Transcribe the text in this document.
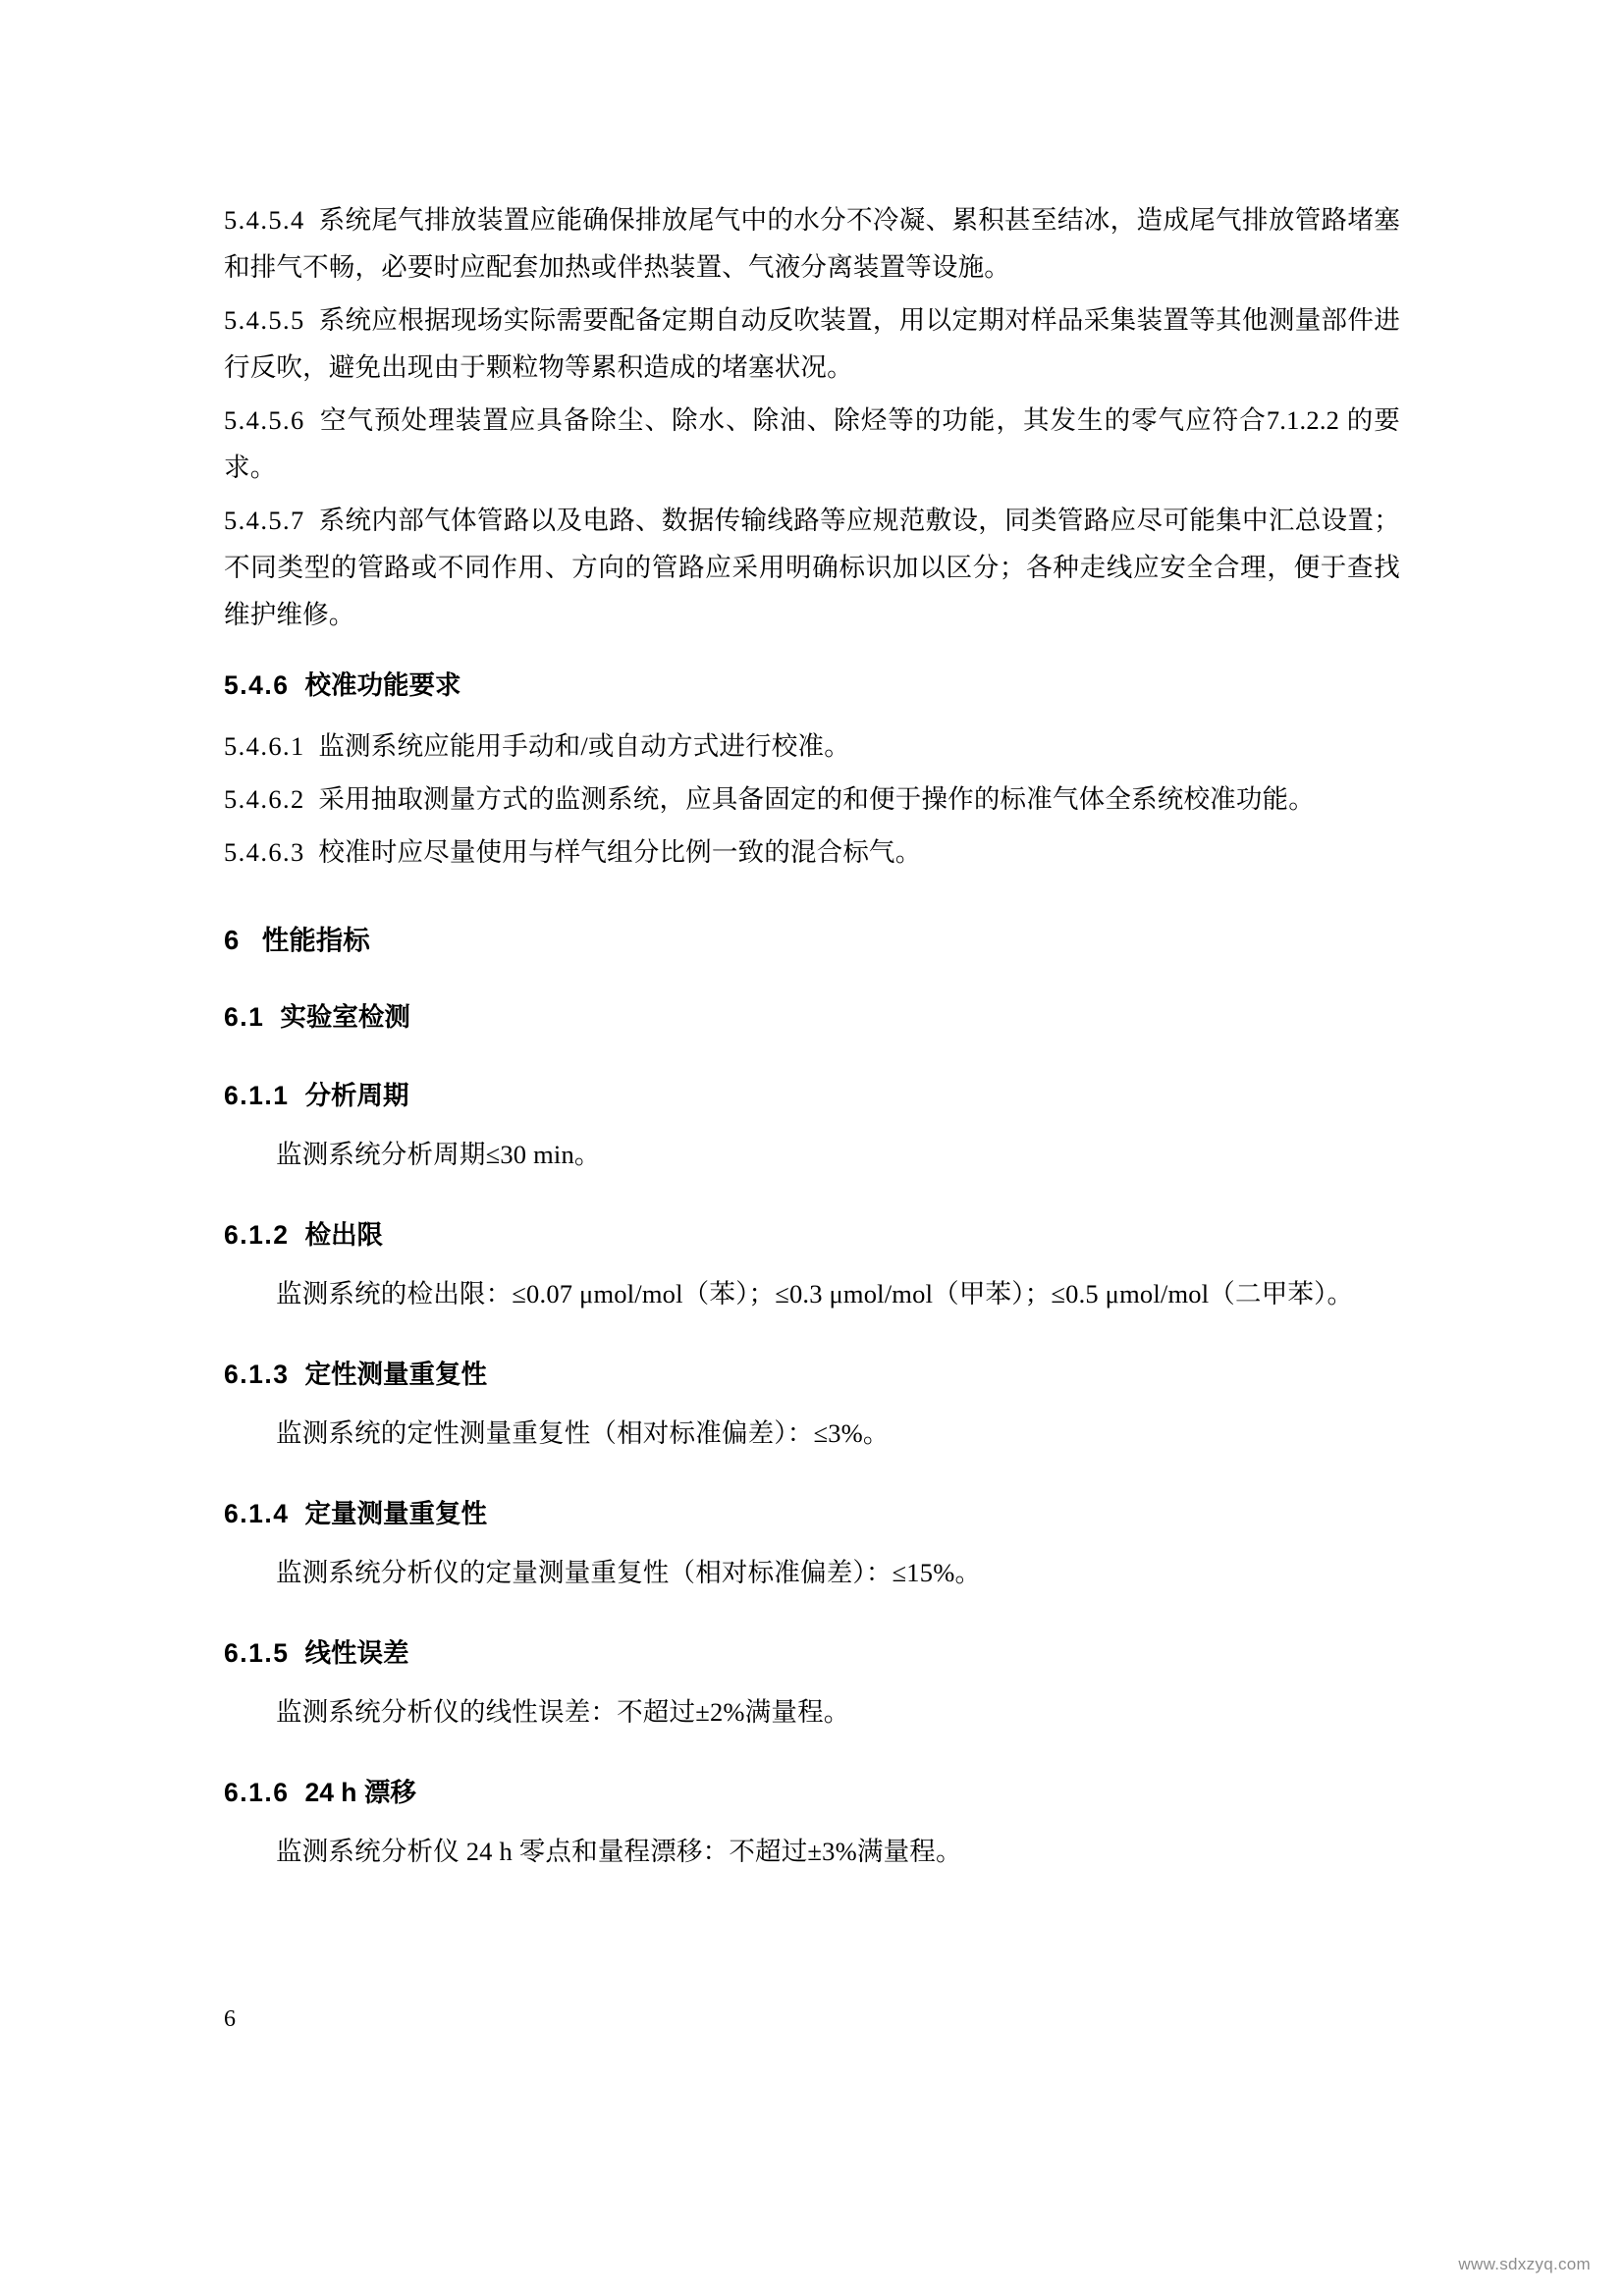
5.4.5.4 系统尾气排放装置应能确保排放尾气中的水分不冷凝、累积甚至结冰，造成尾气排放管路堵塞和排气不畅，必要时应配套加热或伴热装置、气液分离装置等设施。

5.4.5.5 系统应根据现场实际需要配备定期自动反吹装置，用以定期对样品采集装置等其他测量部件进行反吹，避免出现由于颗粒物等累积造成的堵塞状况。

5.4.5.6 空气预处理装置应具备除尘、除水、除油、除烃等的功能，其发生的零气应符合7.1.2.2 的要求。

5.4.5.7 系统内部气体管路以及电路、数据传输线路等应规范敷设，同类管路应尽可能集中汇总设置；不同类型的管路或不同作用、方向的管路应采用明确标识加以区分；各种走线应安全合理，便于查找维护维修。

5.4.6 校准功能要求

5.4.6.1 监测系统应能用手动和/或自动方式进行校准。

5.4.6.2 采用抽取测量方式的监测系统，应具备固定的和便于操作的标准气体全系统校准功能。

5.4.6.3 校准时应尽量使用与样气组分比例一致的混合标气。

6 性能指标
6.1 实验室检测
6.1.1 分析周期

监测系统分析周期≤30 min。

6.1.2 检出限

监测系统的检出限：≤0.07 μmol/mol（苯）；≤0.3 μmol/mol（甲苯）；≤0.5 μmol/mol（二甲苯）。

6.1.3 定性测量重复性

监测系统的定性测量重复性（相对标准偏差）：≤3%。

6.1.4 定量测量重复性

监测系统分析仪的定量测量重复性（相对标准偏差）：≤15%。

6.1.5 线性误差

监测系统分析仪的线性误差：不超过±2%满量程。

6.1.6 24 h 漂移

监测系统分析仪 24 h 零点和量程漂移：不超过±3%满量程。

6
www.sdxzyq.com
